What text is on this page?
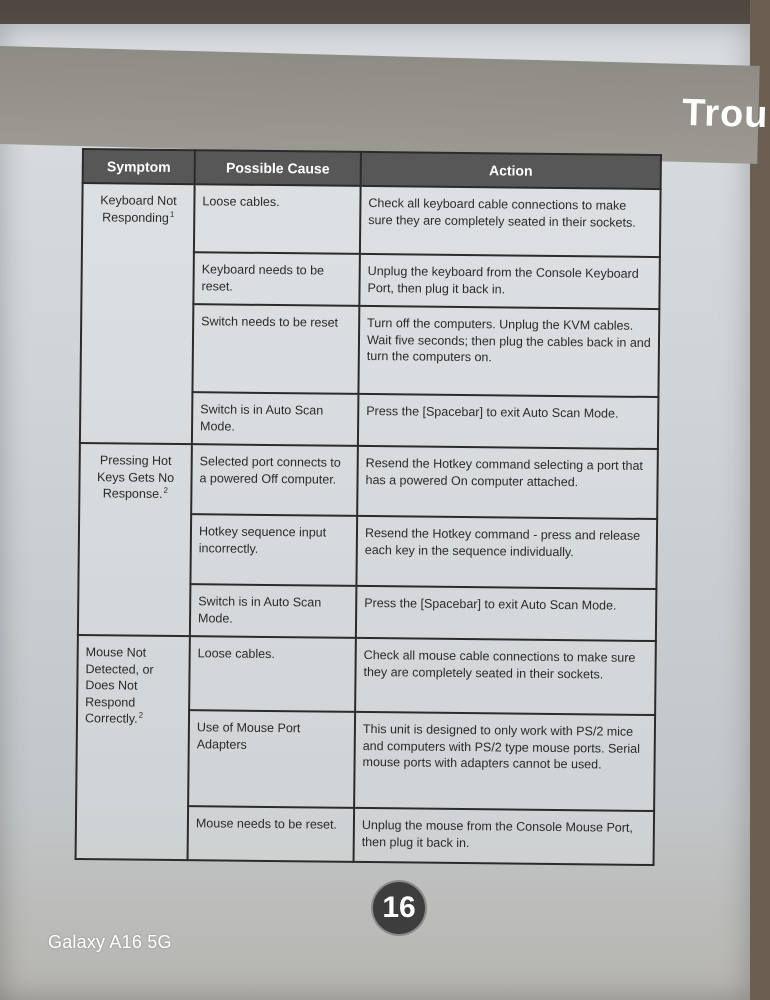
Trou
Symptom	Possible Cause	Action
Keyboard Not Responding$^1$	Loose cables.	Check all keyboard cable connections to make sure they are completely seated in their sockets.
	Keyboard needs to be reset.	Unplug the keyboard from the Console Keyboard Port, then plug it back in.
	Switch needs to be reset	Turn off the computers. Unplug the KVM cables. Wait five seconds; then plug the cables back in and turn the computers on.
	Switch is in Auto Scan Mode.	Press the [Spacebar] to exit Auto Scan Mode.
Pressing Hot Keys Gets No Response.$^2$	Selected port connects to a powered Off computer.	Resend the Hotkey command selecting a port that has a powered On computer attached.
	Hotkey sequence input incorrectly.	Resend the Hotkey command - press and release each key in the sequence individually.
	Switch is in Auto Scan Mode.	Press the [Spacebar] to exit Auto Scan Mode.
Mouse Not Detected, or Does Not Respond Correctly.$^2$	Loose cables.	Check all mouse cable connections to make sure they are completely seated in their sockets.
	Use of Mouse Port Adapters	This unit is designed to only work with PS/2 mice and computers with PS/2 type mouse ports. Serial mouse ports with adapters cannot be used.
	Mouse needs to be reset.	Unplug the mouse from the Console Mouse Port, then plug it back in.
16
Galaxy A16 5G
